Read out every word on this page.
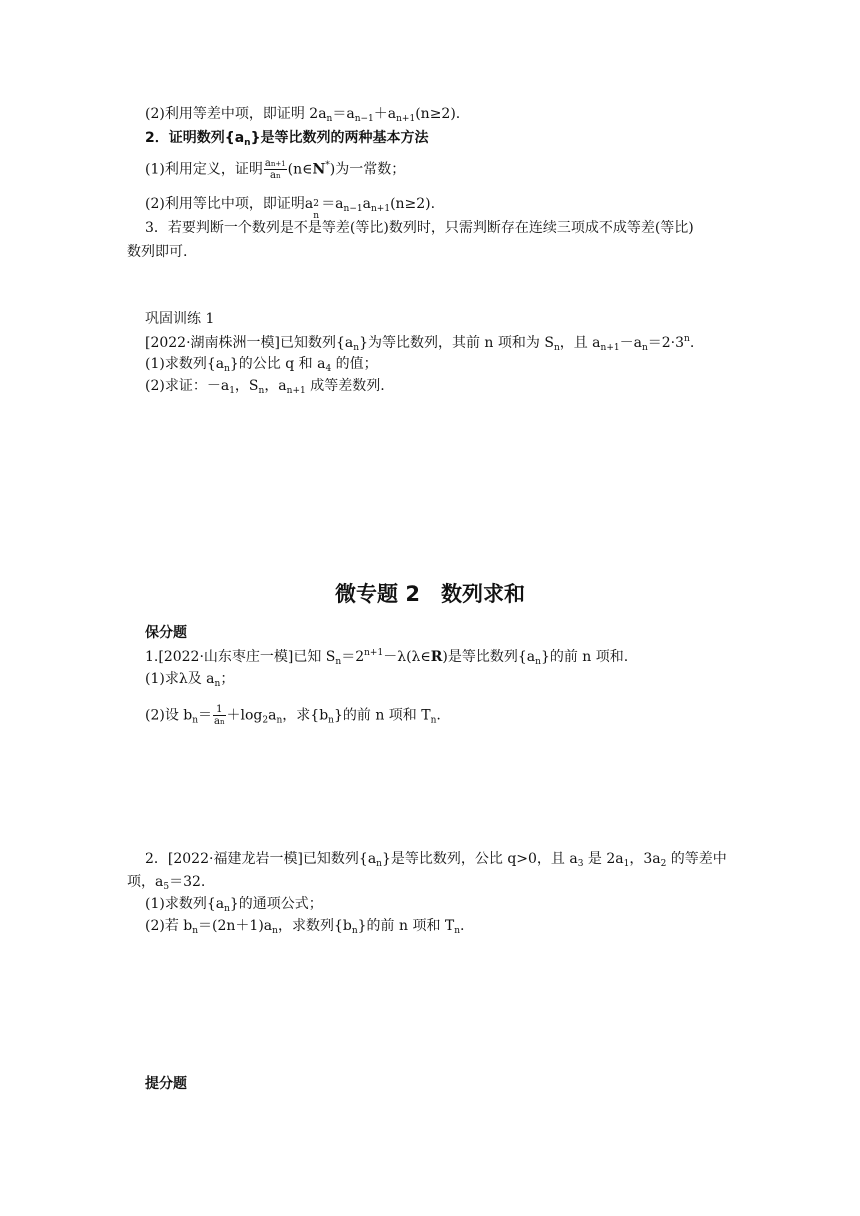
(2)利用等差中项，即证明 $2a_n=a_{n-1}+a_{n+1}(n\ge 2)$.
2．证明数列$\{a_n\}$是等比数列的两种基本方法
(1)利用定义，证明 $\frac{an+1}{an}$ (n∈N*)为一常数；
(2)利用等比中项，即证明a 2
n
$=a_{n-1}a_{n+1}(n\ge 2)$.
3．若要判断一个数列是不是等差(等比)数列时，只需判断存在连续三项成不成等差(等比)
数列即可.
巩固训练 1
[2022·湖南株洲一模]已知数列$\{a_n\}$为等比数列，其前 n 项和为 $S_n$，且 $a_{n+1}-a_n=2\cdot 3^n$.
(1)求数列$\{a_n\}$的公比 q 和 $a_4$ 的值；
(2)求证：$-a_1$，$S_n$，$a_{n+1}$ 成等差数列.
微专题 2　数列求和
保分题
1.[2022·山东枣庄一模]已知 $S_n=2^{n+1}-\lambda(\lambda\in R)$是等比数列$\{a_n\}$的前 n 项和.
(1)求λ及 $a_n$；
(2)设 $b_n= \frac{1}{an} +\log_2a_n$，求$\{b_n\}$的前 n 项和 $T_n$.
2．[2022·福建龙岩一模]已知数列$\{a_n\}$是等比数列，公比 q>0，且 $a_3$ 是 $2a_1$，$3a_2$ 的等差中
项，$a_5=32$.
(1)求数列$\{a_n\}$的通项公式；
(2)若 $b_n=(2n+1)a_n$，求数列$\{b_n\}$的前 n 项和 $T_n$.
提分题
